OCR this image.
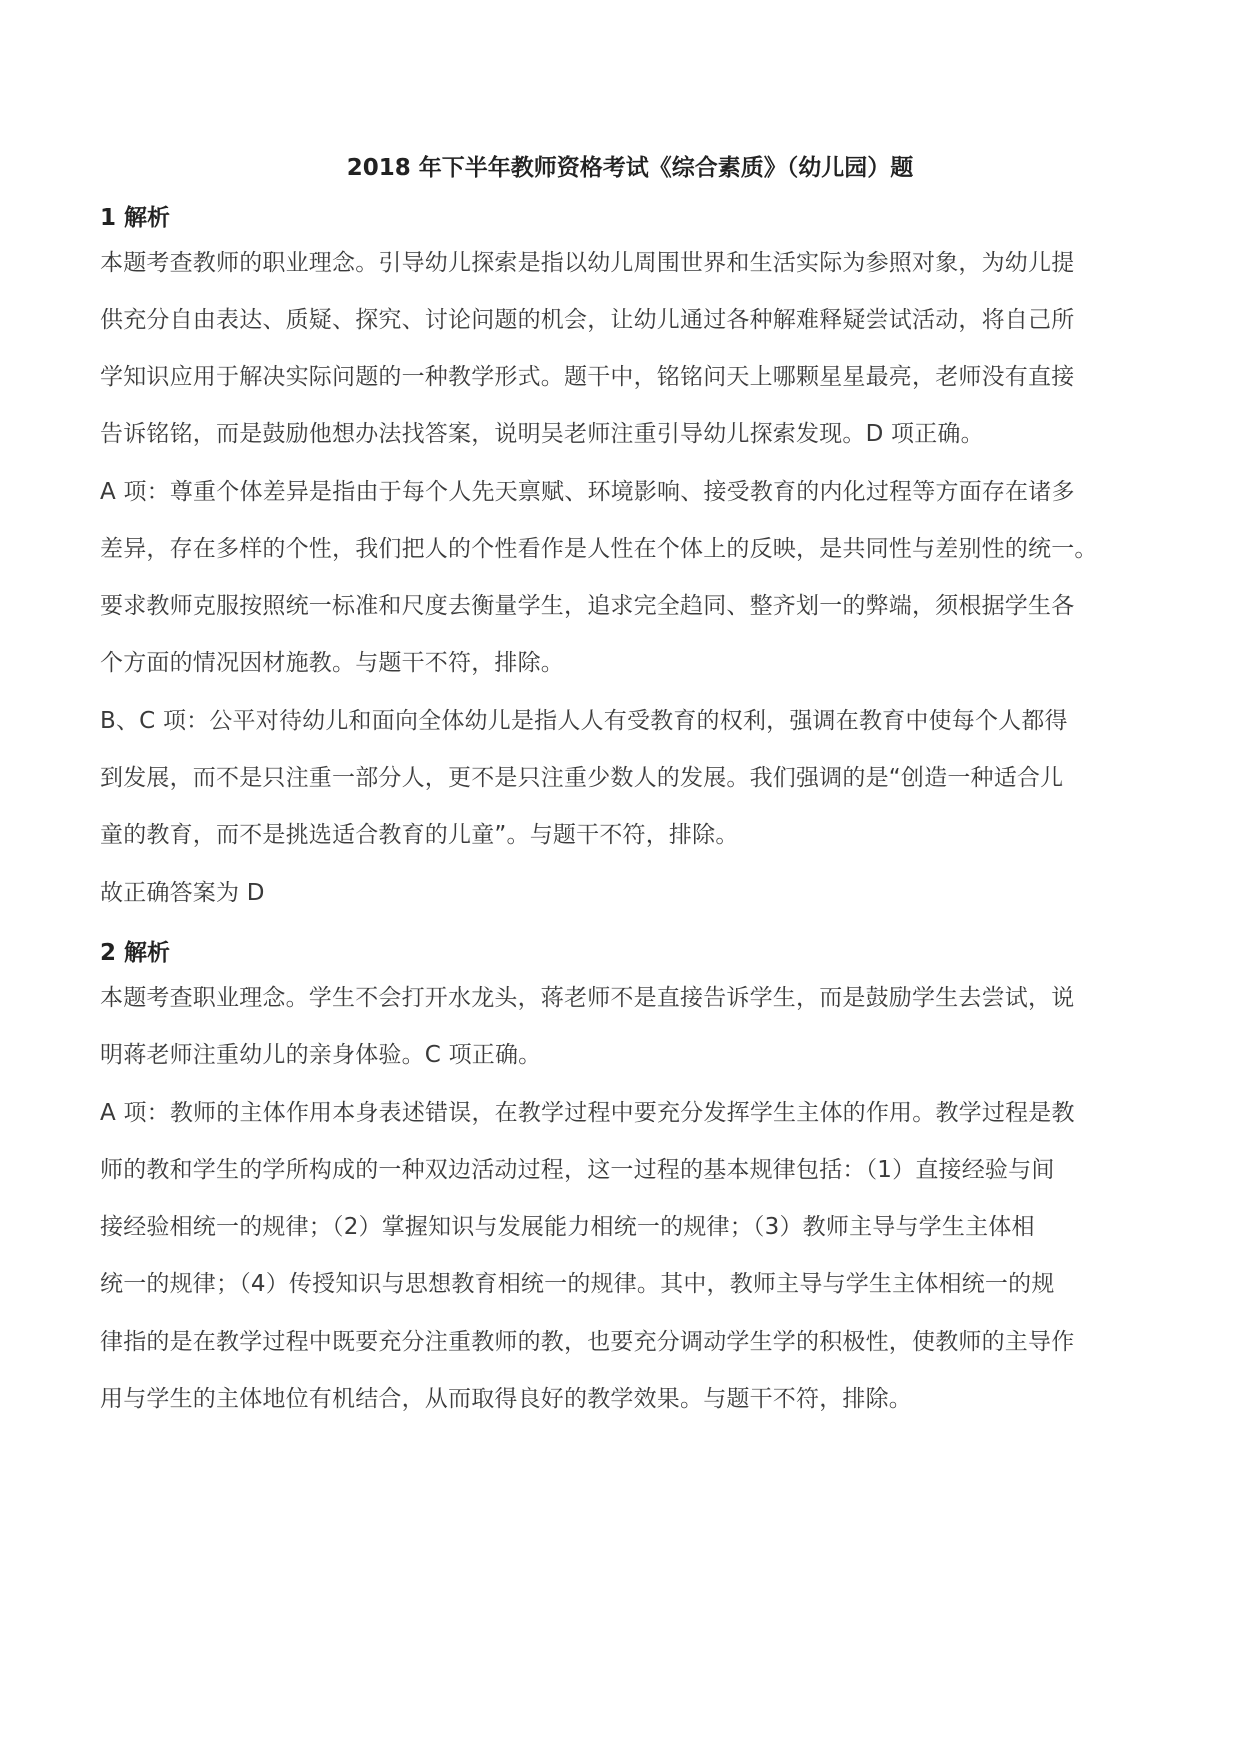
2018 年下半年教师资格考试《综合素质》（幼儿园）题
1 解析
本题考查教师的职业理念。引导幼儿探索是指以幼儿周围世界和生活实际为参照对象，为幼儿提
供充分自由表达、质疑、探究、讨论问题的机会，让幼儿通过各种解难释疑尝试活动，将自己所
学知识应用于解决实际问题的一种教学形式。题干中，铭铭问天上哪颗星星最亮，老师没有直接
告诉铭铭，而是鼓励他想办法找答案，说明吴老师注重引导幼儿探索发现。D 项正确。
A 项：尊重个体差异是指由于每个人先天禀赋、环境影响、接受教育的内化过程等方面存在诸多
差异，存在多样的个性，我们把人的个性看作是人性在个体上的反映，是共同性与差别性的统一。
要求教师克服按照统一标准和尺度去衡量学生，追求完全趋同、整齐划一的弊端，须根据学生各
个方面的情况因材施教。与题干不符，排除。
B、C 项：公平对待幼儿和面向全体幼儿是指人人有受教育的权利，强调在教育中使每个人都得
到发展，而不是只注重一部分人，更不是只注重少数人的发展。我们强调的是“创造一种适合儿
童的教育，而不是挑选适合教育的儿童”。与题干不符，排除。
故正确答案为 D
2 解析
本题考查职业理念。学生不会打开水龙头，蒋老师不是直接告诉学生，而是鼓励学生去尝试，说
明蒋老师注重幼儿的亲身体验。C 项正确。
A 项：教师的主体作用本身表述错误，在教学过程中要充分发挥学生主体的作用。教学过程是教
师的教和学生的学所构成的一种双边活动过程，这一过程的基本规律包括：（1）直接经验与间
接经验相统一的规律；（2）掌握知识与发展能力相统一的规律；（3）教师主导与学生主体相
统一的规律；（4）传授知识与思想教育相统一的规律。其中，教师主导与学生主体相统一的规
律指的是在教学过程中既要充分注重教师的教，也要充分调动学生学的积极性，使教师的主导作
用与学生的主体地位有机结合，从而取得良好的教学效果。与题干不符，排除。
